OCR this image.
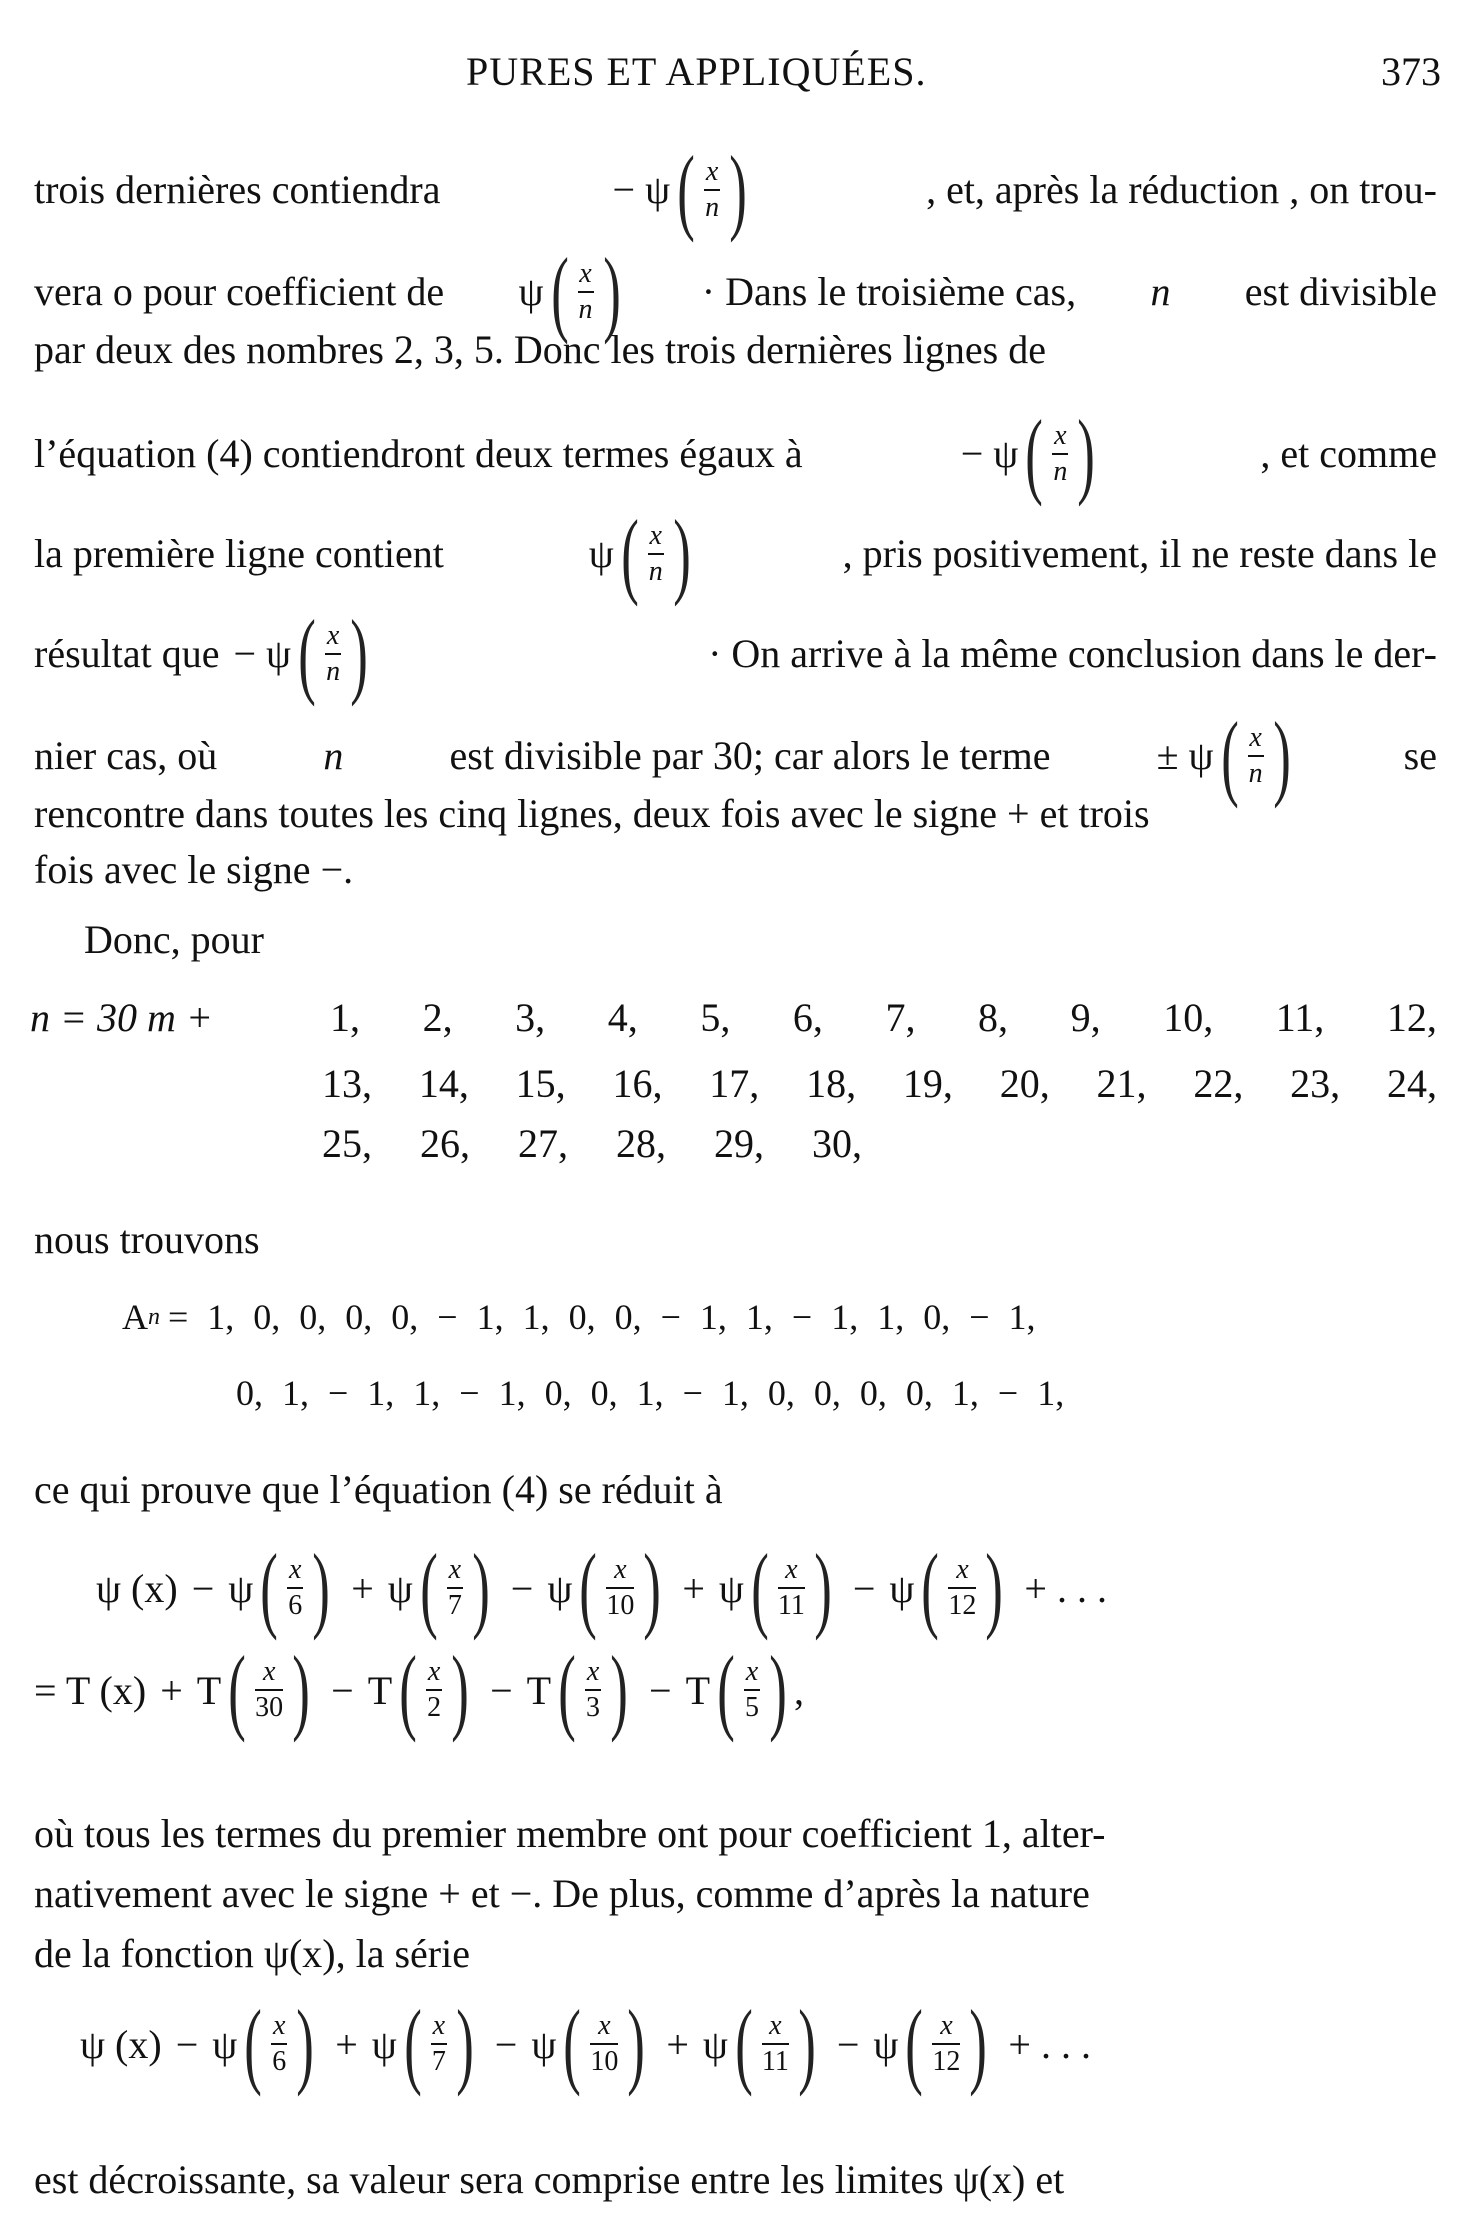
PURES ET APPLIQUÉES.	373
trois dernières contiendra	− ψ ( $\frac{x}{n}$ )	, et, après la réduction , on trou-
vera o pour coefficient de ψ ( $\frac{x}{n}$ ) · Dans le troisième cas, n est divisible
par deux des nombres 2, 3, 5. Donc les trois dernières lignes de
l’équation (4) contiendront deux termes égaux à	− ψ ( $\frac{x}{n}$ )	, et comme
la première ligne contient	ψ ( $\frac{x}{n}$ )	, pris positivement, il ne reste dans le
résultat que − ψ ( $\frac{x}{n}$ )	· On arrive à la même conclusion dans le der-
nier cas, où	n	est divisible par 30; car alors le terme	± ψ ( $\frac{x}{n}$ )	se
rencontre dans toutes les cinq lignes, deux fois avec le signe + et trois
fois avec le signe −.
Donc, pour
n = 30 m +	1, 2, 3, 4, 5, 6, 7, 8, 9, 10, 11, 12,
13, 14, 15, 16, 17, 18, 19, 20, 21, 22, 23, 24,
25, 26, 27, 28, 29, 30,
nous trouvons
A n = 1, 0, 0, 0, 0, − 1, 1, 0, 0, − 1, 1, − 1, 1, 0, − 1,
0, 1, − 1, 1, − 1, 0, 0, 1, − 1, 0, 0, 0, 0, 1, − 1,
ce qui prouve que l’équation (4) se réduit à
ψ (x) − ψ ( $\frac{x}{6}$ ) + ψ ( $\frac{x}{7}$ ) − ψ ( $\frac{x}{10}$ ) + ψ ( $\frac{x}{11}$ ) − ψ ( $\frac{x}{12}$ ) + . . .
= T (x) + T ( $\frac{x}{30}$ ) − T ( $\frac{x}{2}$ ) − T ( $\frac{x}{3}$ ) − T ( $\frac{x}{5}$ ) ,
où tous les termes du premier membre ont pour coefficient 1, alter-
nativement avec le signe + et −. De plus, comme d’après la nature
de la fonction ψ(x), la série
ψ (x) − ψ ( $\frac{x}{6}$ ) + ψ ( $\frac{x}{7}$ ) − ψ ( $\frac{x}{10}$ ) + ψ ( $\frac{x}{11}$ ) − ψ ( $\frac{x}{12}$ ) + . . .
est décroissante, sa valeur sera comprise entre les limites ψ(x) et
